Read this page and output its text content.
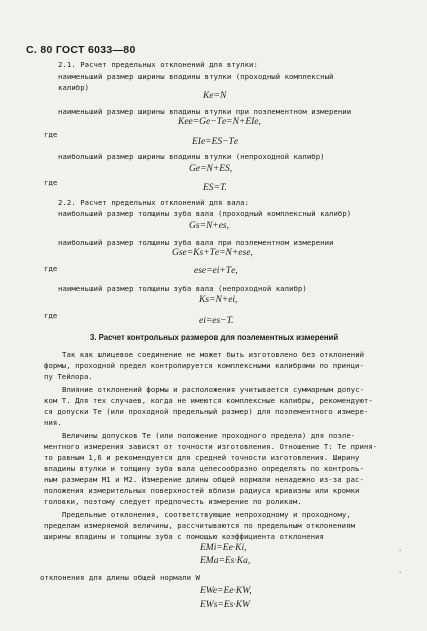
С. 80 ГОСТ 6033—80
2.1. Расчет предельных отклонений для втулки:
наименьший размер ширины впадины втулки (проходный комплексный
калибр)
Kе=N
наименьший размер ширины впадины втулки при поэлементном измерении
Kее=Gе−Tе=N+EIе,
где
EIе=ES−Tе
наибольший размер ширины впадины втулки (непроходной калибр)
Gе=N+ES,
где
ES=T.
2.2. Расчет предельных отклонений для вала:
наибольший размер толщины зуба вала (проходный комплексный калибр)
Gs=N+es,
наибольший размер толщины зуба вала при поэлементном измерении
Gse=Ks+Tе=N+esе,
где	esе=ei+Tе,
наименьший размер толщины зуба вала (непроходной калибр)
Ks=N+ei,
где
ei=es−T.
3. Расчет контрольных размеров для поэлементных измерений
Так как шлицевое соединение не может быть изготовлено без отклонений
формы, проходной предел контролируется комплексными калибрами по принци-
пу Тейлора.
Влияние отклонений формы и расположения учитывается суммарным допус-
ком Т. Для тех случаев, когда не имеются комплексные калибры, рекомендуют-
ся допуски Tе (или проходной предельный размер) для поэлементного измере-
ния.
Величины допусков Tе (или положение проходного предела) для поэле-
ментного измерения зависят от точности изготовления. Отношение T: Tе приня-
то равным 1,6 и рекомендуется для средней точности изготовления. Ширину
впадины втулки и толщину зуба вала целесообразно определять по контроль-
ным размерам M1 и M2. Измерение длины общей нормали ненадежно из-за рас-
положения измерительных поверхностей вблизи радиуса кривизны или кромки
головки, поэтому следует предпочесть измерение по роликам.
Предельные отклонения, соответствующие непроходному и проходному,
пределам измеряемой величины, рассчитываются по предельным отклонениям
ширины впадины и толщины зуба с помощью коэффициента отклонения
EMi=Eе·Ki,
EMa=Es·Ka,
отклонения для длины общей нормали W
EWe=Eе·KW,
EWs=Es·KW
·
·
